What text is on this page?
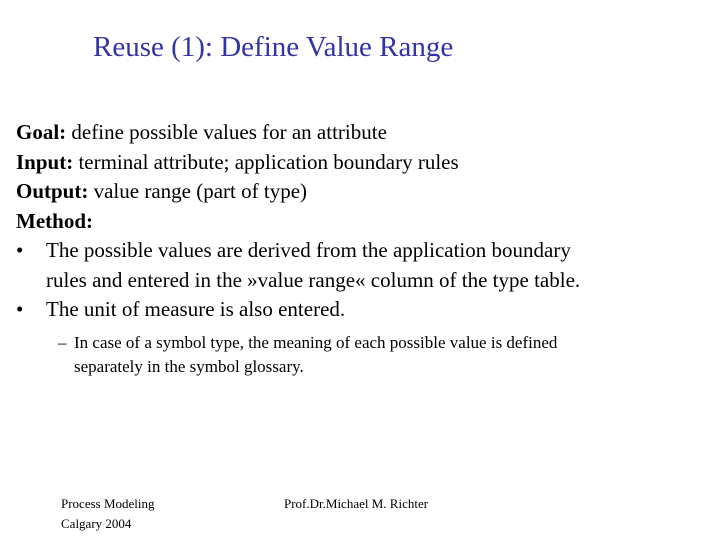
Reuse (1): Define Value Range
Goal: define possible values for an attribute
Input: terminal attribute; application boundary rules
Output: value range (part of type)
Method:
•	The possible values are derived from the application boundary
rules and entered in the »value range« column of the type table.
•	The unit of measure is also entered.
– In case of a symbol type, the meaning of each possible value is defined
separately in the symbol glossary.
Process Modeling
Calgary 2004
Prof.Dr.Michael M. Richter
